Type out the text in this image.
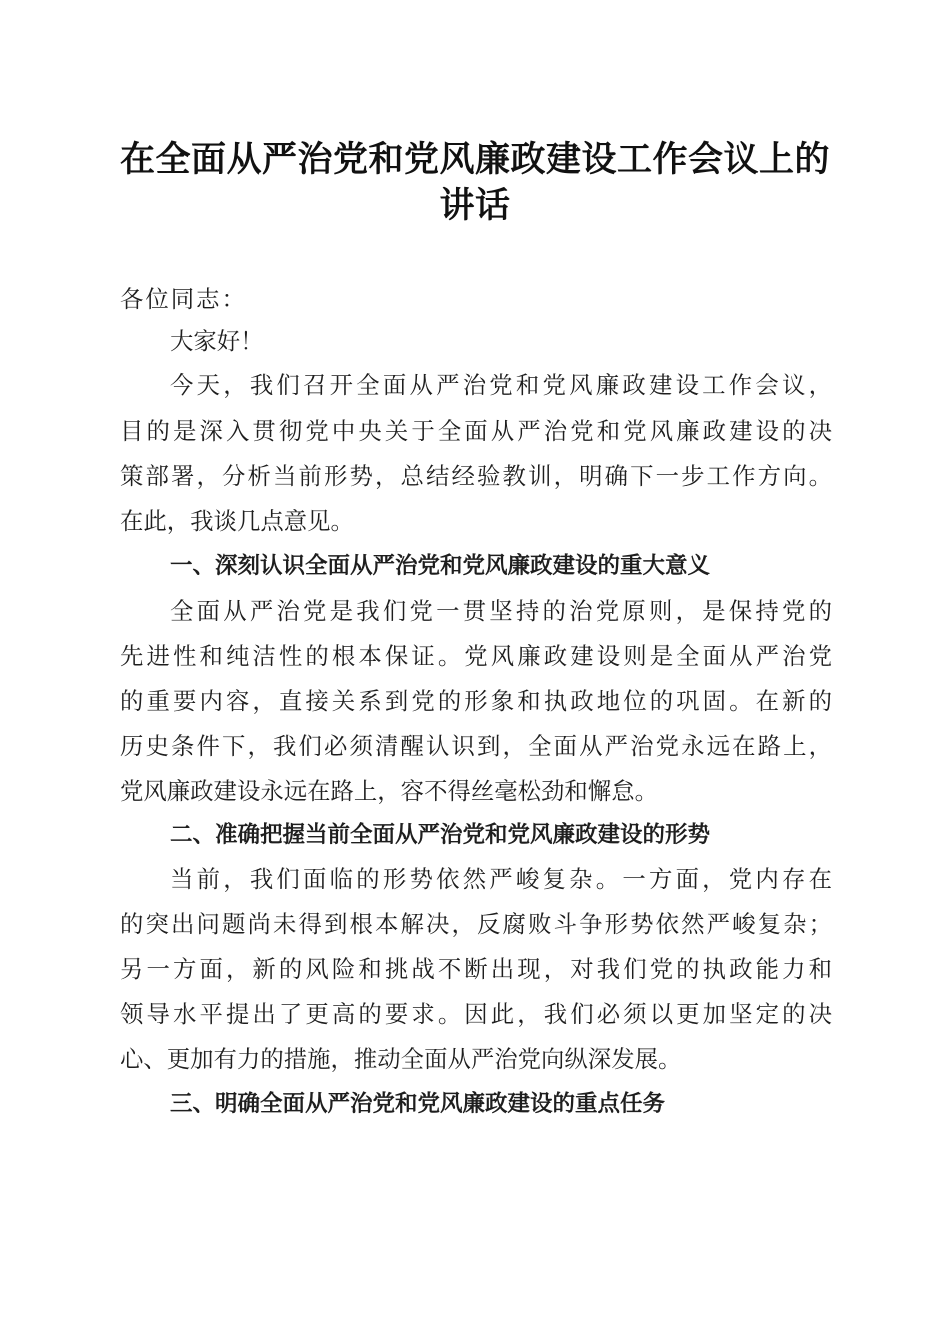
在全面从严治党和党风廉政建设工作会议上的
讲话
各位同志：
大家好！
今天，我们召开全面从严治党和党风廉政建设工作会议，
目的是深入贯彻党中央关于全面从严治党和党风廉政建设的决
策部署，分析当前形势，总结经验教训，明确下一步工作方向。
在此，我谈几点意见。
一、深刻认识全面从严治党和党风廉政建设的重大意义
全面从严治党是我们党一贯坚持的治党原则，是保持党的
先进性和纯洁性的根本保证。党风廉政建设则是全面从严治党
的重要内容，直接关系到党的形象和执政地位的巩固。在新的
历史条件下，我们必须清醒认识到，全面从严治党永远在路上，
党风廉政建设永远在路上，容不得丝毫松劲和懈怠。
二、准确把握当前全面从严治党和党风廉政建设的形势
当前，我们面临的形势依然严峻复杂。一方面，党内存在
的突出问题尚未得到根本解决，反腐败斗争形势依然严峻复杂；
另一方面，新的风险和挑战不断出现，对我们党的执政能力和
领导水平提出了更高的要求。因此，我们必须以更加坚定的决
心、更加有力的措施，推动全面从严治党向纵深发展。
三、明确全面从严治党和党风廉政建设的重点任务
